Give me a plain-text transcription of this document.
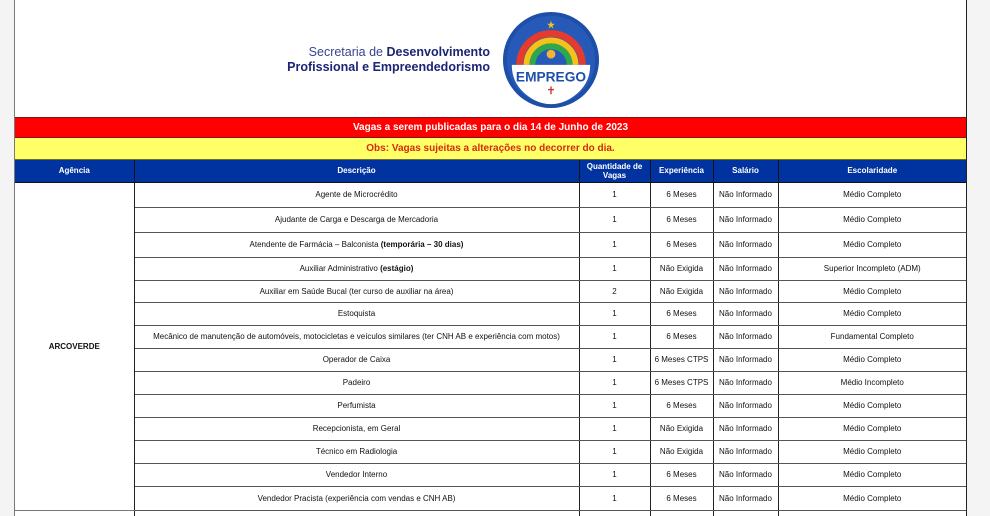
Secretaria de Desenvolvimento
Profissional e Empreendedorismo
EMPREGO
Vagas a serem publicadas para o dia 14 de Junho de 2023
Obs: Vagas sujeitas a alterações no decorrer do dia.
Agência	Descrição	Quantidade de Vagas	Experiência	Salário	Escolaridade
ARCOVERDE	Agente de Microcrédito	1	6 Meses	Não Informado	Médio Completo
	Ajudante de Carga e Descarga de Mercadoria	1	6 Meses	Não Informado	Médio Completo
	Atendente de Farmácia – Balconista (temporária – 30 dias)	1	6 Meses	Não Informado	Médio Completo
	Auxiliar Administrativo (estágio)	1	Não Exigida	Não Informado	Superior Incompleto (ADM)
	Auxiliar em Saúde Bucal (ter curso de auxiliar na área)	2	Não Exigida	Não Informado	Médio Completo
	Estoquista	1	6 Meses	Não Informado	Médio Completo
	Mecânico de manutenção de automóveis, motocicletas e veículos similares (ter CNH AB e experiência com motos)	1	6 Meses	Não Informado	Fundamental Completo
	Operador de Caixa	1	6 Meses CTPS	Não Informado	Médio Completo
	Padeiro	1	6 Meses CTPS	Não Informado	Médio Incompleto
	Perfumista	1	6 Meses	Não Informado	Médio Completo
	Recepcionista, em Geral	1	Não Exigida	Não Informado	Médio Completo
	Técnico em Radiologia	1	Não Exigida	Não Informado	Médio Completo
	Vendedor Interno	1	6 Meses	Não Informado	Médio Completo
	Vendedor Pracista (experiência com vendas e CNH AB)	1	6 Meses	Não Informado	Médio Completo
